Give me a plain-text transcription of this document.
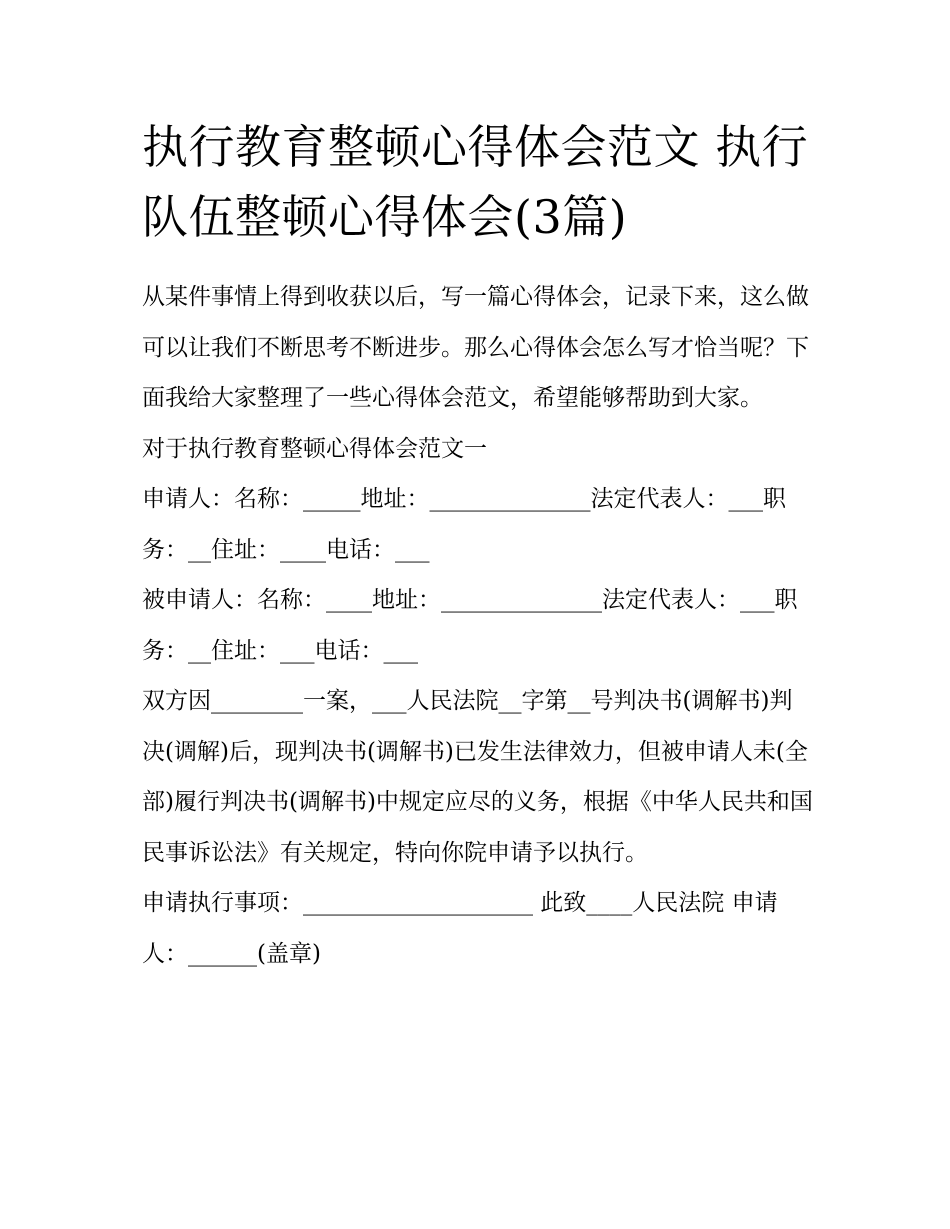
执行教育整顿心得体会范文 执行队伍整顿心得体会(3篇)

从某件事情上得到收获以后，写一篇心得体会，记录下来，这么做可以让我们不断思考不断进步。那么心得体会怎么写才恰当呢？下面我给大家整理了一些心得体会范文，希望能够帮助到大家。

对于执行教育整顿心得体会范文一

申请人：名称：_____地址：______________法定代表人：___职务：__住址：____电话：___

被申请人：名称：____地址：______________法定代表人：___职务：__住址：___电话：___

双方因________一案，___人民法院__字第__号判决书(调解书)判决(调解)后，现判决书(调解书)已发生法律效力，但被申请人未(全部)履行判决书(调解书)中规定应尽的义务，根据《中华人民共和国民事诉讼法》有关规定，特向你院申请予以执行。

申请执行事项：____________________ 此致____人民法院 申请人：______(盖章)
